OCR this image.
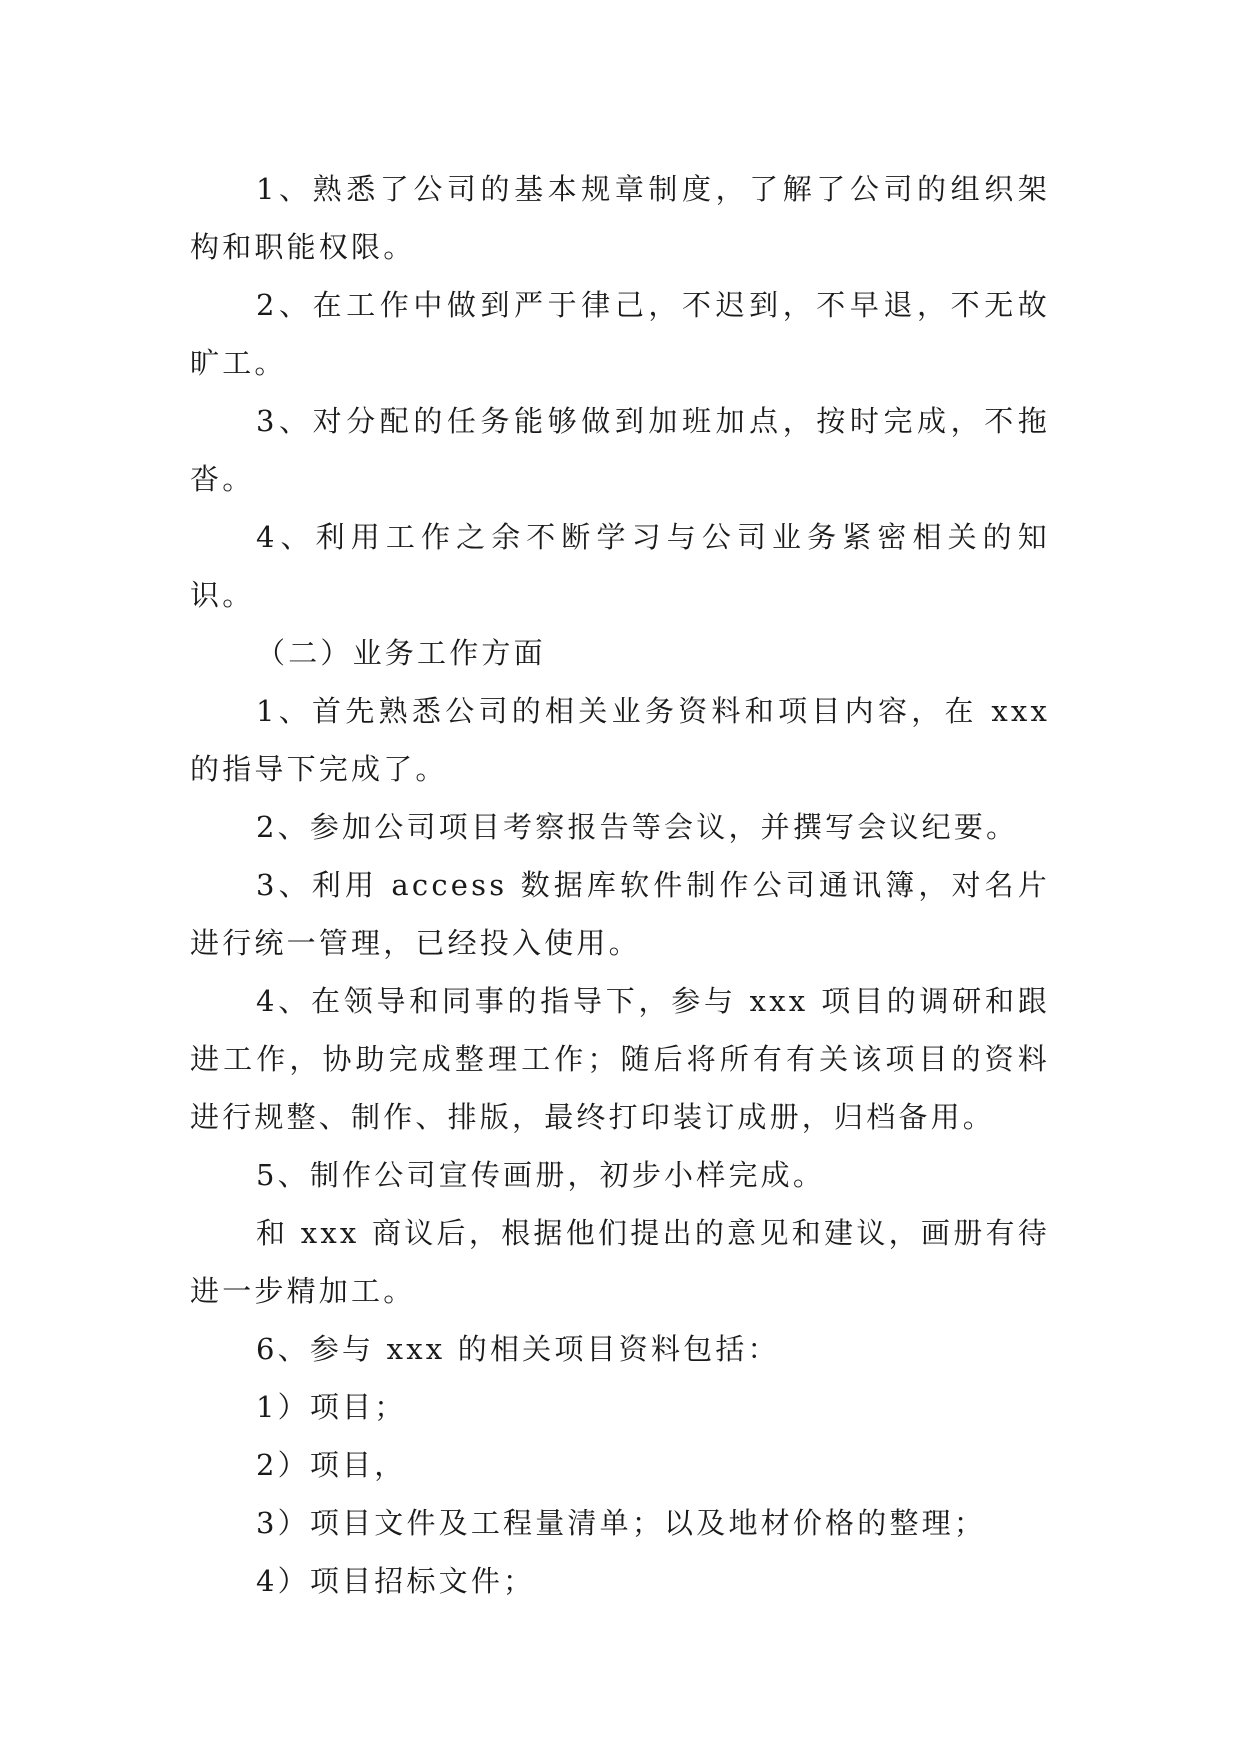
1、熟悉了公司的基本规章制度，了解了公司的组织架构和职能权限。

2、在工作中做到严于律己，不迟到，不早退，不无故旷工。

3、对分配的任务能够做到加班加点，按时完成，不拖沓。

4、利用工作之余不断学习与公司业务紧密相关的知识。

（二）业务工作方面

1、首先熟悉公司的相关业务资料和项目内容，在 xxx 的指导下完成了。

2、参加公司项目考察报告等会议，并撰写会议纪要。

3、利用 access 数据库软件制作公司通讯簿，对名片进行统一管理，已经投入使用。

4、在领导和同事的指导下，参与 xxx 项目的调研和跟进工作，协助完成整理工作；随后将所有有关该项目的资料进行规整、制作、排版，最终打印装订成册，归档备用。

5、制作公司宣传画册，初步小样完成。

和 xxx 商议后，根据他们提出的意见和建议，画册有待进一步精加工。

6、参与 xxx 的相关项目资料包括：

1）项目；

2）项目，

3）项目文件及工程量清单；以及地材价格的整理；

4）项目招标文件；
